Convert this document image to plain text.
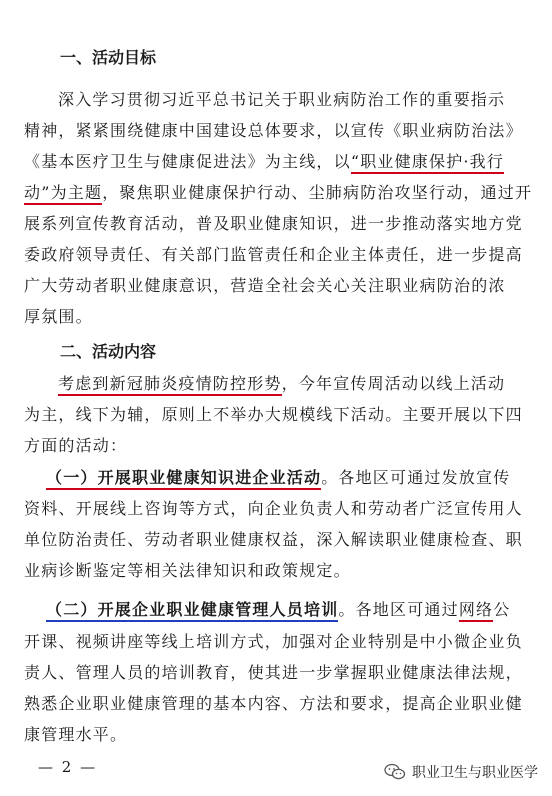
一、活动目标
深入学习贯彻习近平总书记关于职业病防治工作的重要指示
精神，紧紧围绕健康中国建设总体要求，以宣传《职业病防治法》
《基本医疗卫生与健康促进法》为主线，以“职业健康保护·我行
动”为主题，聚焦职业健康保护行动、尘肺病防治攻坚行动，通过开
展系列宣传教育活动，普及职业健康知识，进一步推动落实地方党
委政府领导责任、有关部门监管责任和企业主体责任，进一步提高
广大劳动者职业健康意识，营造全社会关心关注职业病防治的浓
厚氛围。
二、活动内容
考虑到新冠肺炎疫情防控形势，今年宣传周活动以线上活动
为主，线下为辅，原则上不举办大规模线下活动。主要开展以下四
方面的活动：
（一）开展职业健康知识进企业活动。各地区可通过发放宣传
资料、开展线上咨询等方式，向企业负责人和劳动者广泛宣传用人
单位防治责任、劳动者职业健康权益，深入解读职业健康检查、职
业病诊断鉴定等相关法律知识和政策规定。
（二）开展企业职业健康管理人员培训。各地区可通过网络公
开课、视频讲座等线上培训方式，加强对企业特别是中小微企业负
责人、管理人员的培训教育，使其进一步掌握职业健康法律法规，
熟悉企业职业健康管理的基本内容、方法和要求，提高企业职业健
康管理水平。
— 2 —	职业卫生与职业医学
